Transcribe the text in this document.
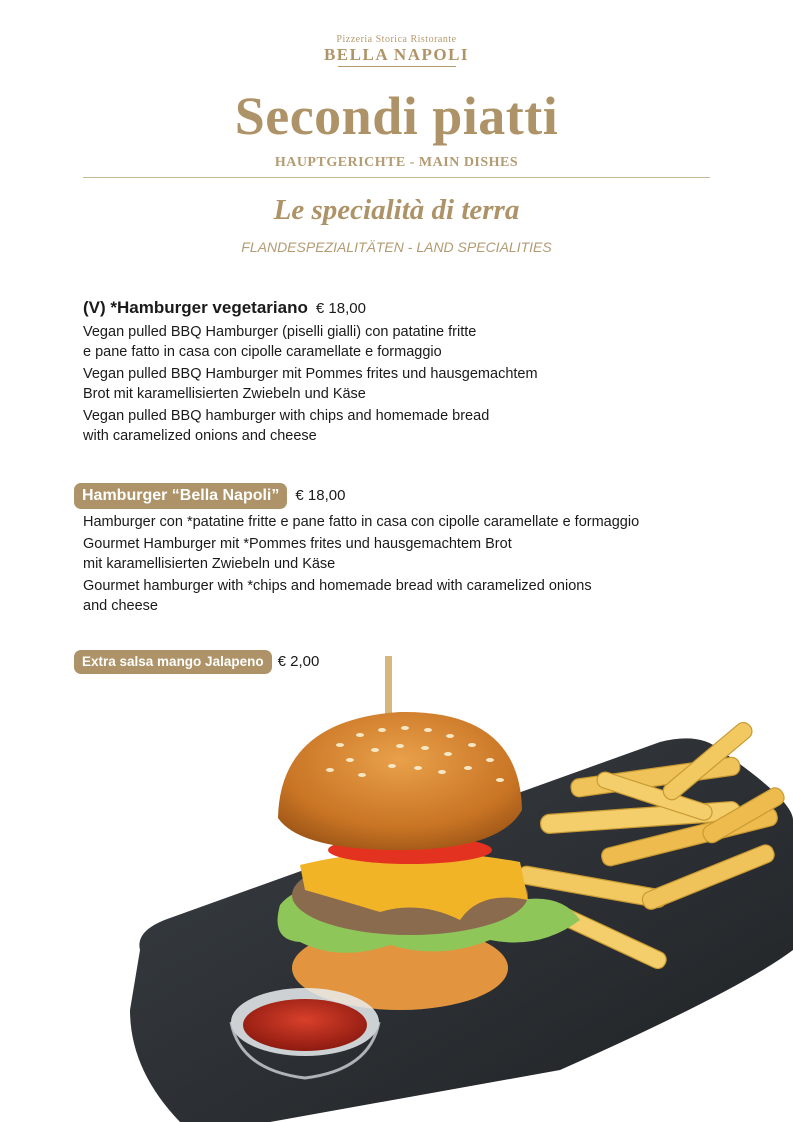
Pizzeria Storica Ristorante
BELLA NAPOLI
Secondi piatti
HAUPTGERICHTE - MAIN DISHES
Le specialità di terra
FLANDESPEZIALITÄTEN - LAND SPECIALITIES
(V) *Hamburger vegetariano € 18,00

Vegan pulled BBQ Hamburger (piselli gialli) con patatine fritte
e pane fatto in casa con cipolle caramellate e formaggio

Vegan pulled BBQ Hamburger mit Pommes frites und hausgemachtem
Brot mit karamellisierten Zwiebeln und Käse

Vegan pulled BBQ hamburger with chips and homemade bread
with caramelized onions and cheese

Hamburger “Bella Napoli” € 18,00

Hamburger con *patatine fritte e pane fatto in casa con cipolle caramellate e formaggio

Gourmet Hamburger mit *Pommes frites und hausgemachtem Brot
mit karamellisierten Zwiebeln und Käse

Gourmet hamburger with *chips and homemade bread with caramelized onions
and cheese

Extra salsa mango Jalapeno € 2,00
